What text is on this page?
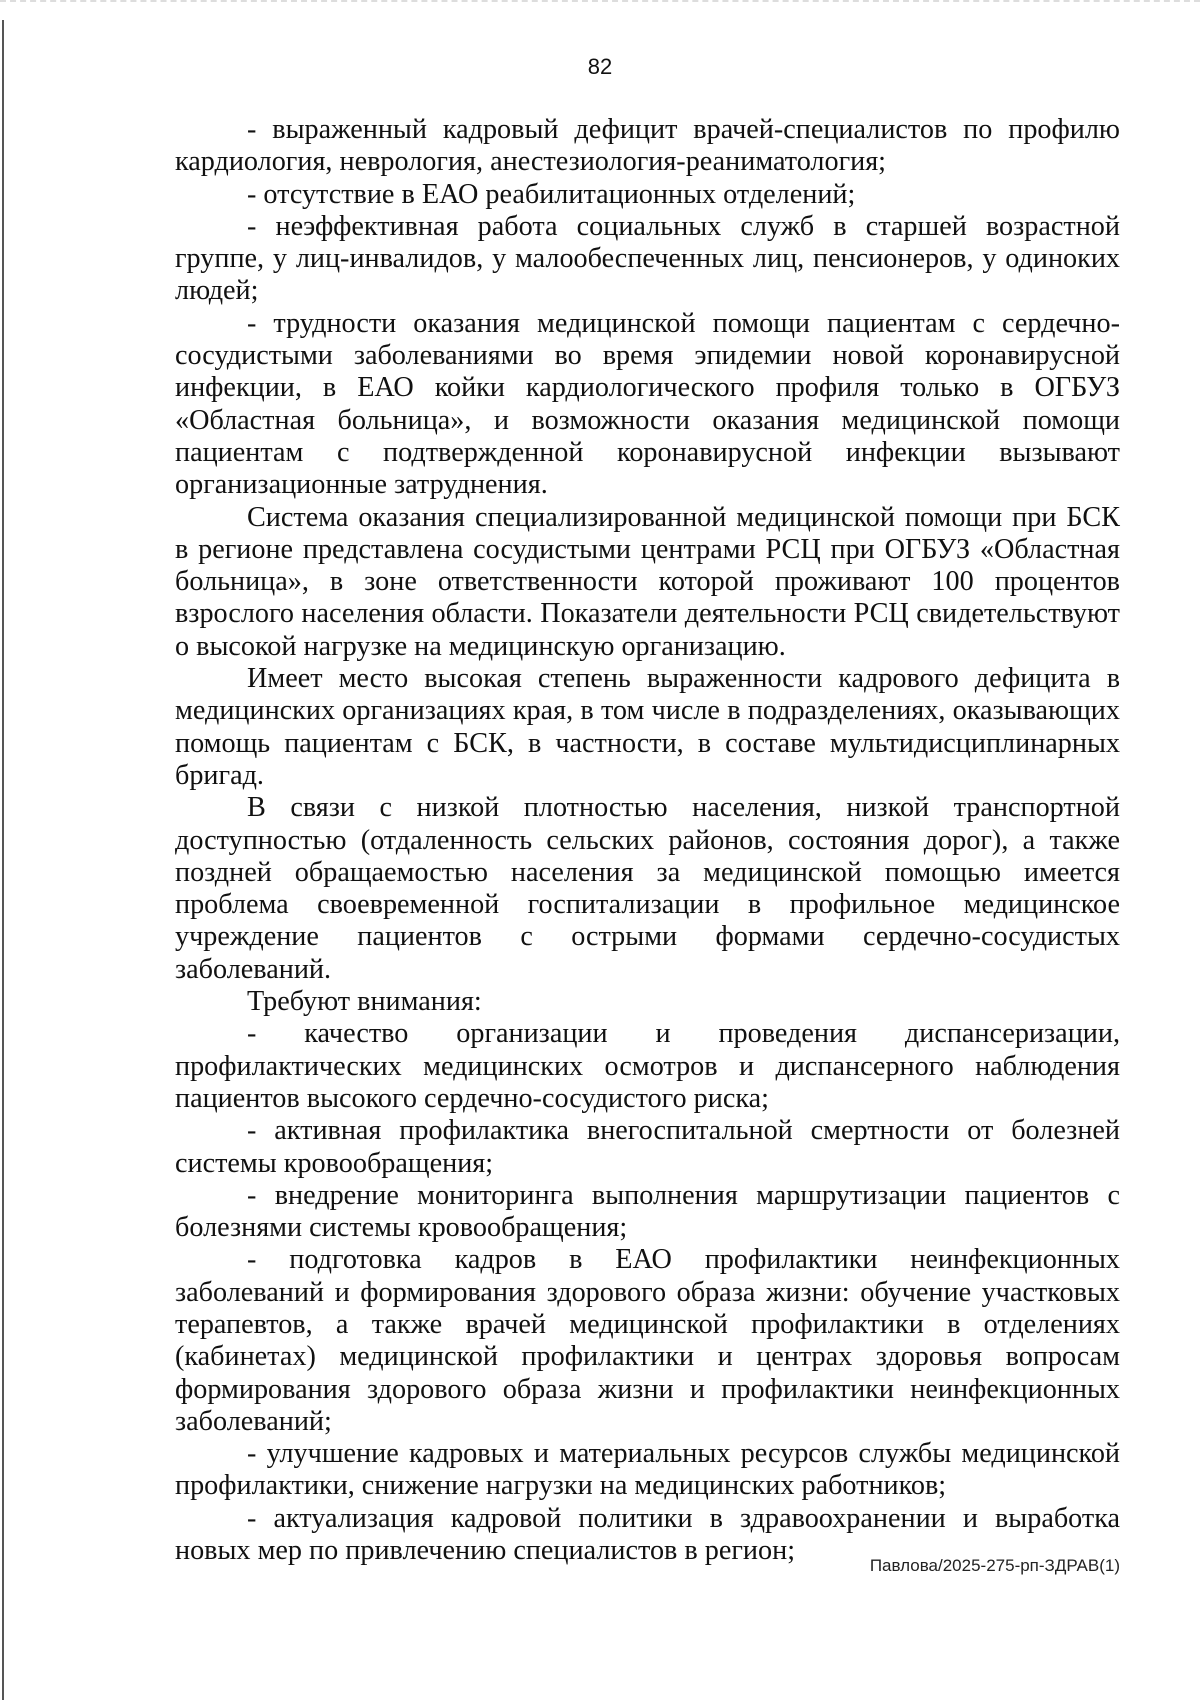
82

- выраженный кадровый дефицит врачей-специалистов по профилю кардиология, неврология, анестезиология-реаниматология;

- отсутствие в ЕАО реабилитационных отделений;

- неэффективная работа социальных служб в старшей возрастной группе, у лиц-инвалидов, у малообеспеченных лиц, пенсионеров, у одиноких людей;

- трудности оказания медицинской помощи пациентам с сердечно-сосудистыми заболеваниями во время эпидемии новой коронавирусной инфекции, в ЕАО койки кардиологического профиля только в ОГБУЗ «Областная больница», и возможности оказания медицинской помощи пациентам с подтвержденной коронавирусной инфекции вызывают организационные затруднения.

Система оказания специализированной медицинской помощи при БСК в регионе представлена сосудистыми центрами РСЦ при ОГБУЗ «Областная больница», в зоне ответственности которой проживают 100 процентов взрослого населения области. Показатели деятельности РСЦ свидетельствуют о высокой нагрузке на медицинскую организацию.

Имеет место высокая степень выраженности кадрового дефицита в медицинских организациях края, в том числе в подразделениях, оказывающих помощь пациентам с БСК, в частности, в составе мультидисциплинарных бригад.

В связи с низкой плотностью населения, низкой транспортной доступностью (отдаленность сельских районов, состояния дорог), а также поздней обращаемостью населения за медицинской помощью имеется проблема своевременной госпитализации в профильное медицинское учреждение пациентов с острыми формами сердечно-сосудистых заболеваний.

Требуют внимания:

- качество организации и проведения диспансеризации, профилактических медицинских осмотров и диспансерного наблюдения пациентов высокого сердечно-сосудистого риска;

- активная профилактика внегоспитальной смертности от болезней системы кровообращения;

- внедрение мониторинга выполнения маршрутизации пациентов с болезнями системы кровообращения;

- подготовка кадров в ЕАО профилактики неинфекционных заболеваний и формирования здорового образа жизни: обучение участковых терапевтов, а также врачей медицинской профилактики в отделениях (кабинетах) медицинской профилактики и центрах здоровья вопросам формирования здорового образа жизни и профилактики неинфекционных заболеваний;

- улучшение кадровых и материальных ресурсов службы медицинской профилактики, снижение нагрузки на медицинских работников;

- актуализация кадровой политики в здравоохранении и выработка новых мер по привлечению специалистов в регион;	Павлова/2025-275-рп-ЗДРАВ(1)
